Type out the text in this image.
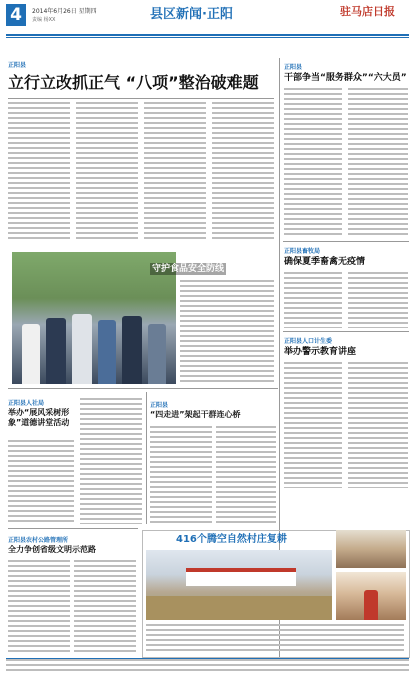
4	2014年6月26日 星期四
责编 杨XX	县区新闻·正阳	驻马店日报
正阳县
立行立改抓正气 “八项”整治破难题
正阳县
干部争当“服务群众”“六大员”
正阳县畜牧局
确保夏季畜禽无疫情
正阳县人口计生委
举办警示教育讲座
守护食品安全防线
正阳县人社局
举办“展风采树形象”道德讲堂活动
正阳县
“四走进”架起干群连心桥
正阳县农村公路管理所
全力争创省级文明示范路
416个腾空自然村庄复耕
